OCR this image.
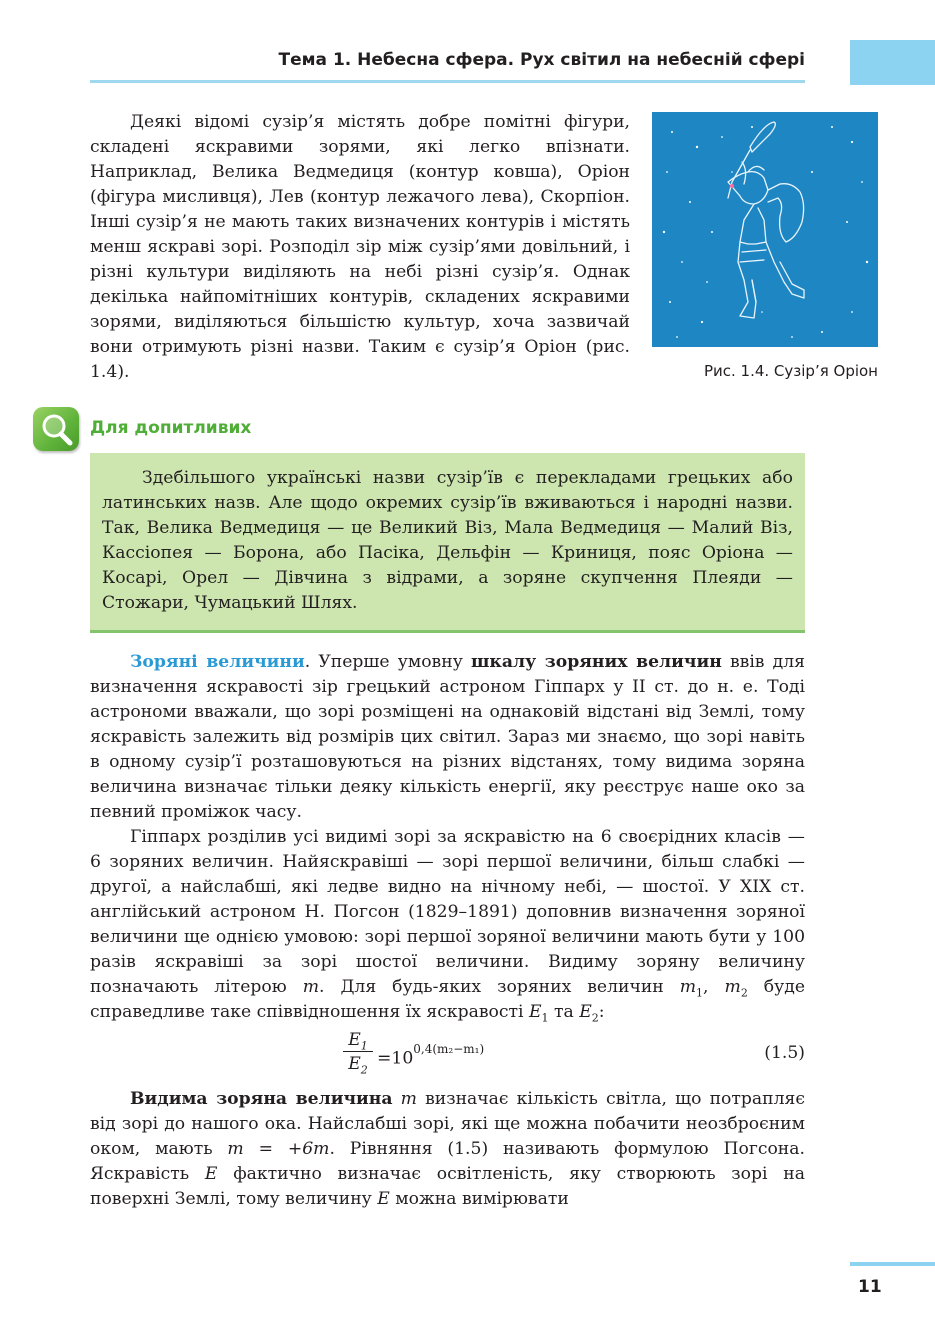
Тема 1. Небесна сфера. Рух світил на небесній сфері

Деякі відомі сузір’я містять добре помітні фігури, складені яскравими зорями, які легко впізнати. Наприклад, Велика Ведмедиця (контур ковша), Оріон (фігура мисливця), Лев (контур лежачого лева), Скорпіон. Інші сузір’я не мають таких визначених контурів і містять менш яскраві зорі. Розподіл зір між сузір’ями довільний, і різні культури виділяють на небі різні сузір’я. Однак декілька найпомітніших контурів, складених яскравими зорями, виділяються більшістю культур, хоча зазвичай вони отримують різні назви. Таким є сузір’я Оріон (рис. 1.4).	Рис. 1.4. Сузір’я Оріон
Для допитливих

Здебільшого українські назви сузір’їв є перекладами грецьких або латинських назв. Але щодо окремих сузір’їв вживаються і народні назви. Так, Велика Ведмедиця — це Великий Віз, Мала Ведмедиця — Малий Віз, Кассіопея — Борона, або Пасіка, Дельфін — Криниця, пояс Оріона — Косарі, Орел — Дівчина з відрами, а зоряне скупчення Плеяди — Стожари, Чумацький Шлях.

Зоряні величини. Уперше умовну шкалу зоряних величин ввів для визначення яскравості зір грецький астроном Гіппарх у II ст. до н. е. Тоді астрономи вважали, що зорі розміщені на однаковій відстані від Землі, тому яскравість залежить від розмірів цих світил. Зараз ми знаємо, що зорі навіть в одному сузір’ї розташовуються на різних відстанях, тому видима зоряна величина визначає тільки деяку кількість енергії, яку реєструє наше око за певний проміжок часу.

Гіппарх розділив усі видимі зорі за яскравістю на 6 своєрідних класів — 6 зоряних величин. Найяскравіші — зорі першої величини, більш слабкі — другої, а найслабші, які ледве видно на нічному небі, — шостої. У XIX ст. англійський астроном Н. Погсон (1829–1891) доповнив визначення зоряної величини ще однією умовою: зорі першої зоряної величини мають бути у 100 разів яскравіші за зорі шостої величини. Видиму зоряну величину позначають літерою m. Для будь-яких зоряних величин $m_1$, $m_2$ буде справедливе таке співвідношення їх яскравості $E_1$ та $E_2$:

$\frac{E_1}{E_2} =10^{0,4(m_2-m_1)}$	(1.5)

Видима зоряна величина m визначає кількість світла, що потрапляє від зорі до нашого ока. Найслабші зорі, які ще можна побачити неозброєним оком, мають m = +6m. Рівняння (1.5) називають формулою Погсона. Яскравість E фактично визначає освітленість, яку створюють зорі на поверхні Землі, тому величину E можна вимірювати

11
